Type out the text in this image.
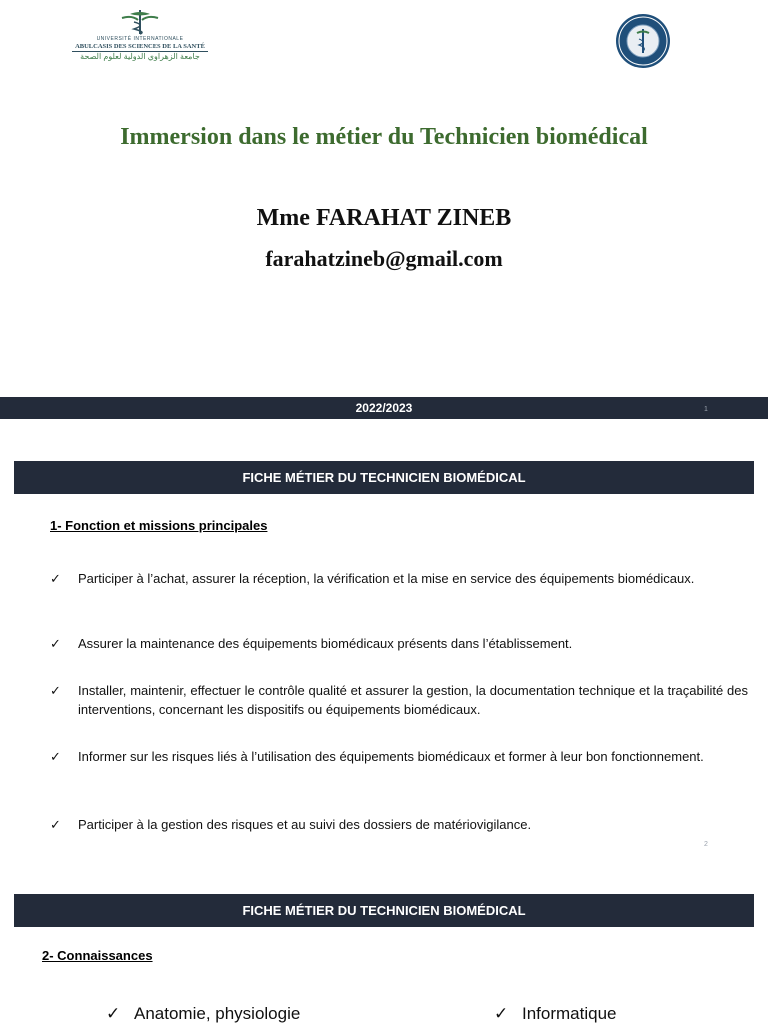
UNIVERSITÉ INTERNATIONALE
ABULCASIS DES SCIENCES DE LA SANTÉ
جامعة الزهراوي الدولية لعلوم الصحة
Immersion dans le métier du Technicien biomédical
Mme FARAHAT ZINEB
farahatzineb@gmail.com
2022/2023	1
FICHE MÉTIER DU TECHNICIEN BIOMÉDICAL
1- Fonction et missions principales
✓ Participer à l’achat, assurer la réception, la vérification et la mise en service des équipements biomédicaux.
✓ Assurer la maintenance des équipements biomédicaux présents dans l’établissement.
✓ Installer, maintenir, effectuer le contrôle qualité et assurer la gestion, la documentation technique et la traçabilité des interventions, concernant les dispositifs ou équipements biomédicaux.
✓ Informer sur les risques liés à l’utilisation des équipements biomédicaux et former à leur bon fonctionnement.
✓ Participer à la gestion des risques et au suivi des dossiers de matériovigilance.
2
FICHE MÉTIER DU TECHNICIEN BIOMÉDICAL
2- Connaissances
✓ Anatomie, physiologie	✓ Informatique
